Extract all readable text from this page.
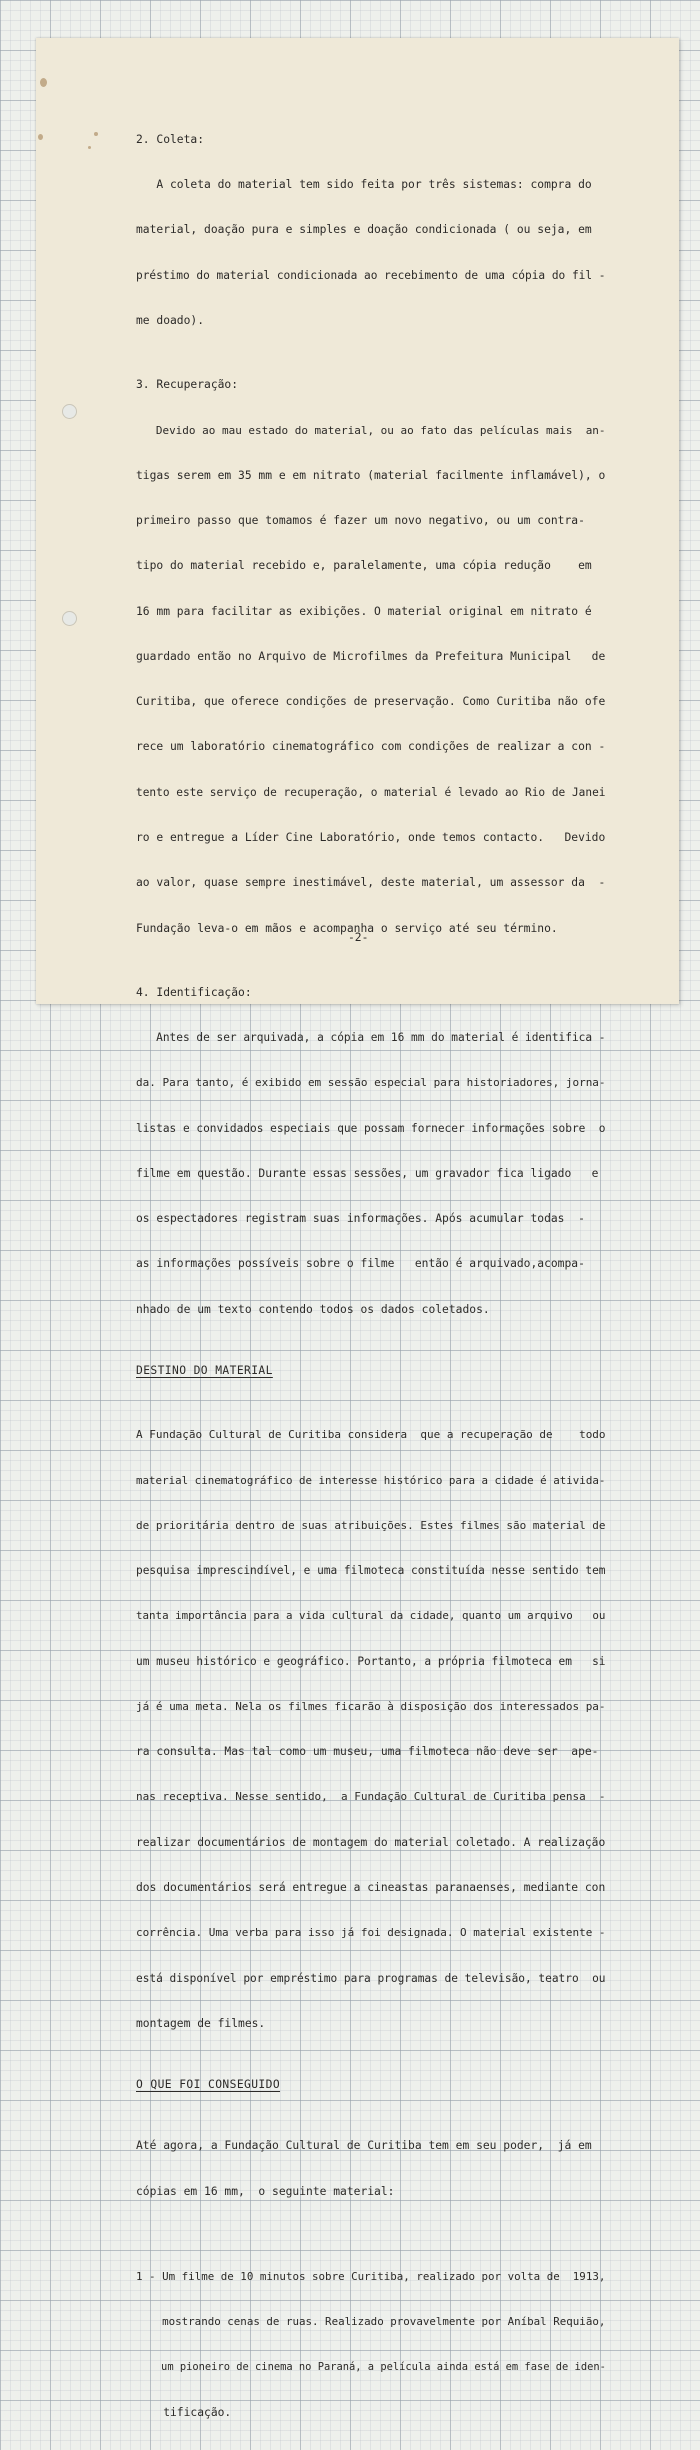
2. Coleta:

A coleta do material tem sido feita por três sistemas: compra do

material, doação pura e simples e doação condicionada ( ou seja, em

préstimo do material condicionada ao recebimento de uma cópia do fil -

me doado).

3. Recuperação:

Devido ao mau estado do material, ou ao fato das películas mais  an-

tigas serem em 35 mm e em nitrato (material facilmente inflamável), o

primeiro passo que tomamos é fazer um novo negativo, ou um contra-

tipo do material recebido e, paralelamente, uma cópia redução    em

16 mm para facilitar as exibições. O material original em nitrato é

guardado então no Arquivo de Microfilmes da Prefeitura Municipal   de

Curitiba, que oferece condições de preservação. Como Curitiba não ofe

rece um laboratório cinematográfico com condições de realizar a con -

tento este serviço de recuperação, o material é levado ao Rio de Janei

ro e entregue a Líder Cine Laboratório, onde temos contacto.   Devido

ao valor, quase sempre inestimável, deste material, um assessor da  -

Fundação leva-o em mãos e acompanha o serviço até seu término.

4. Identificação:

Antes de ser arquivada, a cópia em 16 mm do material é identifica -

da. Para tanto, é exibido em sessão especial para historiadores, jorna-

listas e convidados especiais que possam fornecer informações sobre  o

filme em questão. Durante essas sessões, um gravador fica ligado   e

os espectadores registram suas informações. Após acumular todas  -

as informações possíveis sobre o filme   então é arquivado,acompa-

nhado de um texto contendo todos os dados coletados.

DESTINO DO MATERIAL

A Fundação Cultural de Curitiba considera  que a recuperação de    todo

material cinematográfico de interesse histórico para a cidade é ativida-

de prioritária dentro de suas atribuições. Estes filmes são material de

pesquisa imprescindível, e uma filmoteca constituída nesse sentido tem

tanta importância para a vida cultural da cidade, quanto um arquivo   ou

um museu histórico e geográfico. Portanto, a própria filmoteca em   si

já é uma meta. Nela os filmes ficarão à disposição dos interessados pa-

ra consulta. Mas tal como um museu, uma filmoteca não deve ser  ape-

nas receptiva. Nesse sentido,  a Fundação Cultural de Curitiba pensa  -

realizar documentários de montagem do material coletado. A realização

dos documentários será entregue a cineastas paranaenses, mediante con

corrência. Uma verba para isso já foi designada. O material existente -

está disponível por empréstimo para programas de televisão, teatro  ou

montagem de filmes.

O QUE FOI CONSEGUIDO

Até agora, a Fundação Cultural de Curitiba tem em seu poder,  já em

cópias em 16 mm,  o seguinte material:

1 - Um filme de 10 minutos sobre Curitiba, realizado por volta de  1913,

mostrando cenas de ruas. Realizado provavelmente por Aníbal Requião,

um pioneiro de cinema no Paraná, a película ainda está em fase de iden-

tificação.

-2-
